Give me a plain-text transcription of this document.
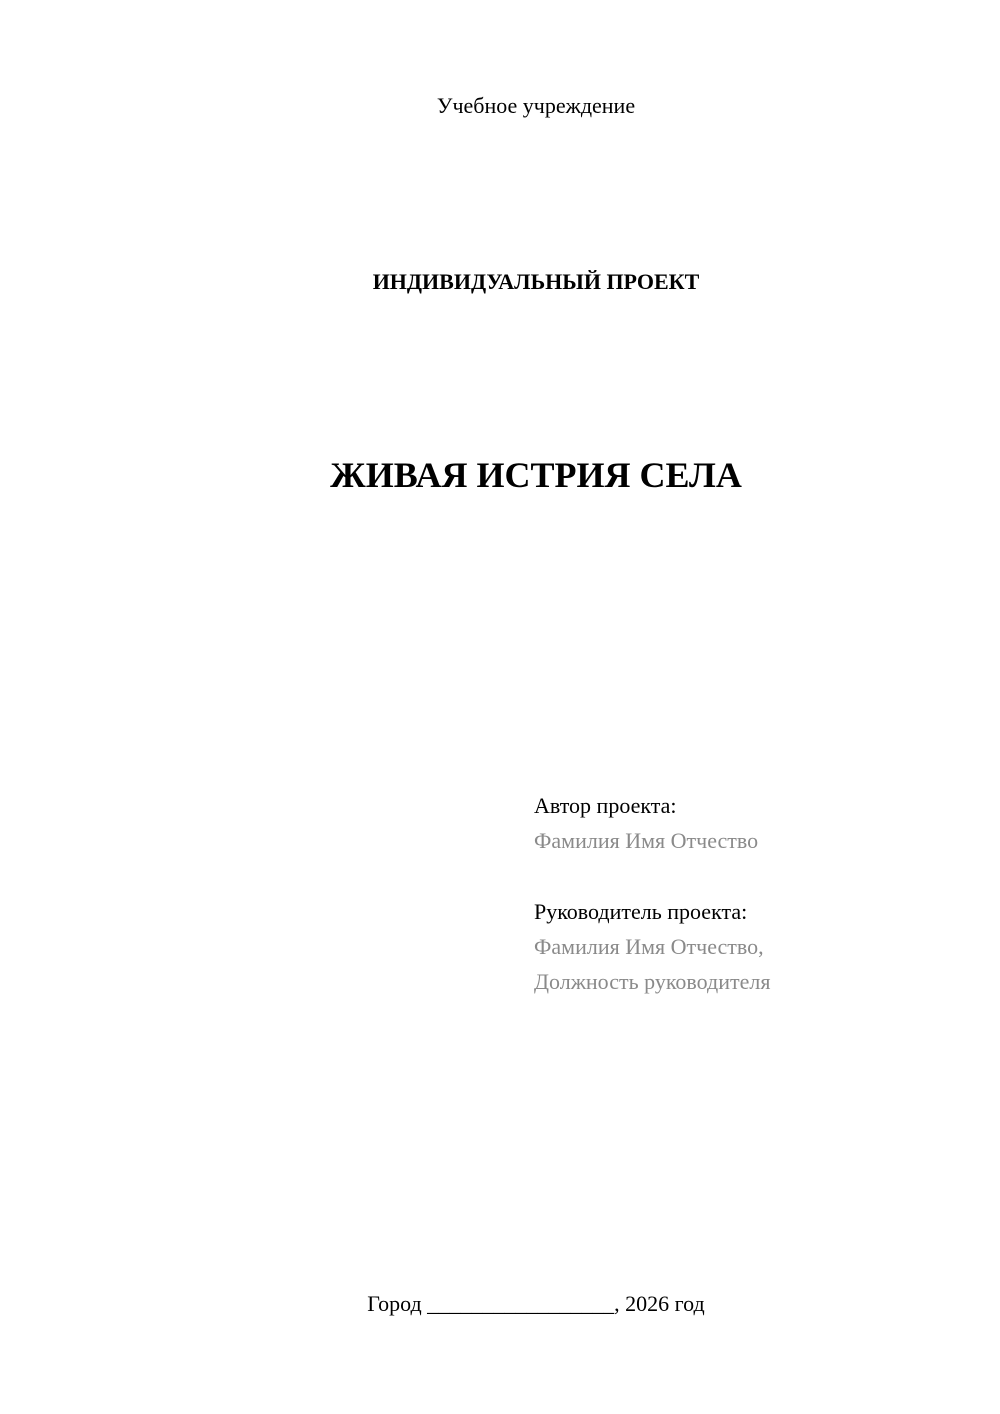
Учебное учреждение
ИНДИВИДУАЛЬНЫЙ ПРОЕКТ
ЖИВАЯ ИСТРИЯ СЕЛА
Автор проекта:
Фамилия Имя Отчество
Руководитель проекта:
Фамилия Имя Отчество,
Должность руководителя
Город _________________, 2026 год
